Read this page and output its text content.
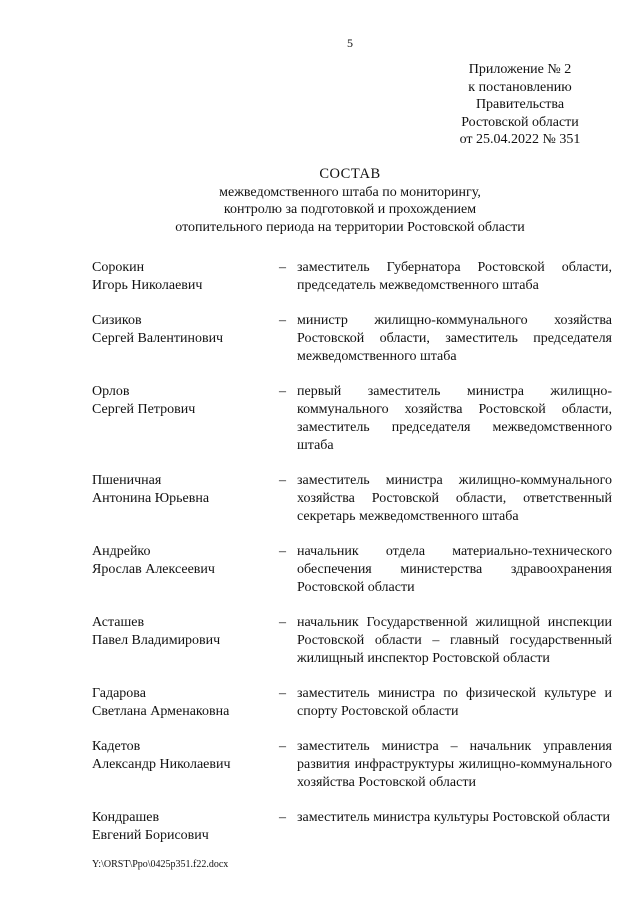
5
Приложение № 2
к постановлению
Правительства
Ростовской области
от 25.04.2022 № 351
СОСТАВ
межведомственного штаба по мониторингу,
контролю за подготовкой и прохождением
отопительного периода на территории Ростовской области
Сорокин
Игорь Николаевич
– заместитель Губернатора Ростовской области, председатель межведомственного штаба
Сизиков
Сергей Валентинович
– министр жилищно-коммунального хозяйства Ростовской области, заместитель председателя межведомственного штаба
Орлов
Сергей Петрович
– первый заместитель министра жилищно-коммунального хозяйства Ростовской области, заместитель председателя межведомственного штаба
Пшеничная
Антонина Юрьевна
– заместитель министра жилищно-коммунального хозяйства Ростовской области, ответственный секретарь межведомственного штаба
Андрейко
Ярослав Алексеевич
– начальник отдела материально-технического обеспечения министерства здравоохранения Ростовской области
Асташев
Павел Владимирович
– начальник Государственной жилищной инспекции Ростовской области – главный государственный жилищный инспектор Ростовской области
Гадарова
Светлана Арменаковна
– заместитель министра по физической культуре и спорту Ростовской области
Кадетов
Александр Николаевич
– заместитель министра – начальник управления развития инфраструктуры жилищно-коммунального хозяйства Ростовской области
Кондрашев
Евгений Борисович
– заместитель министра культуры Ростовской области
Y:\ORST\Ppo\0425p351.f22.docx
